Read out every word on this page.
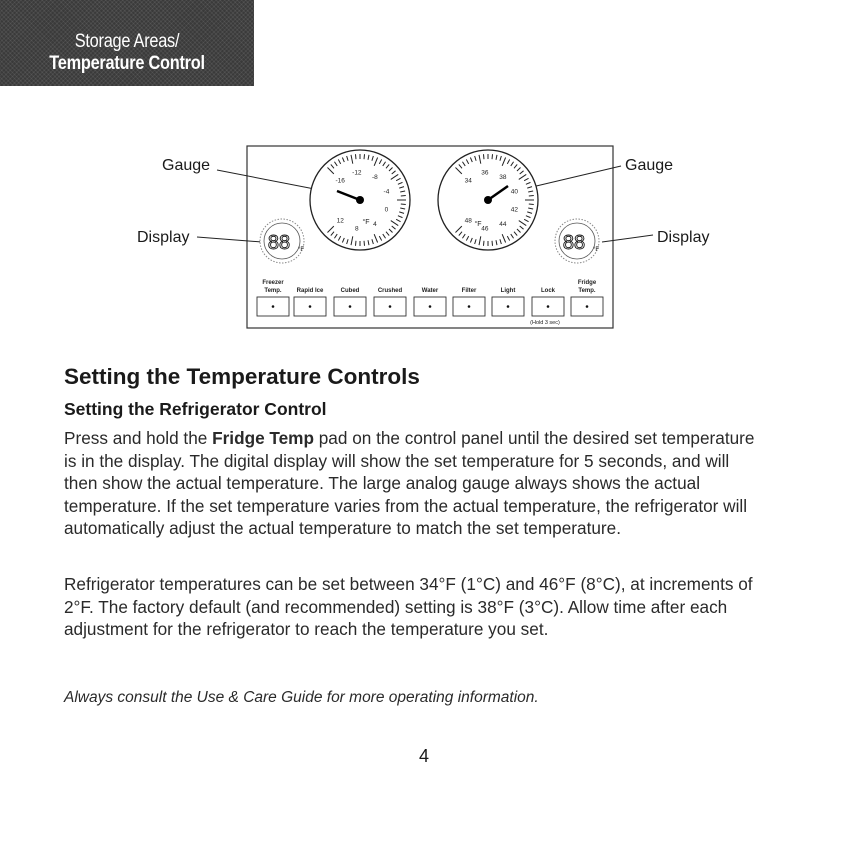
Storage Areas/
Temperature Control
-16
-12
-8
-4
0
4
8
12	°F
34
36
38
40
42
44
46
48
°F
88 °F	88 °F
Freezer
Temp.	Rapid Ice	Cubed	Crushed	Water	Filter	Light	Lock
Fridge
Temp.
(Hold 3 sec)
Gauge
Display
Gauge
Display
Setting the Temperature Controls
Setting the Refrigerator Control

Press and hold the Fridge Temp pad on the control panel until the desired set temperature is in the display. The digital display will show the set temperature for 5 seconds, and will then show the actual temperature. The large analog gauge always shows the actual temperature. If the set temperature varies from the actual temperature, the refrigerator will automatically adjust the actual temperature to match the set temperature.

Refrigerator temperatures can be set between 34°F (1°C) and 46°F (8°C), at increments of 2°F. The factory default (and recommended) setting is 38°F (3°C). Allow time after each adjustment for the refrigerator to reach the temperature you set.

Always consult the Use & Care Guide for more operating information.

4
